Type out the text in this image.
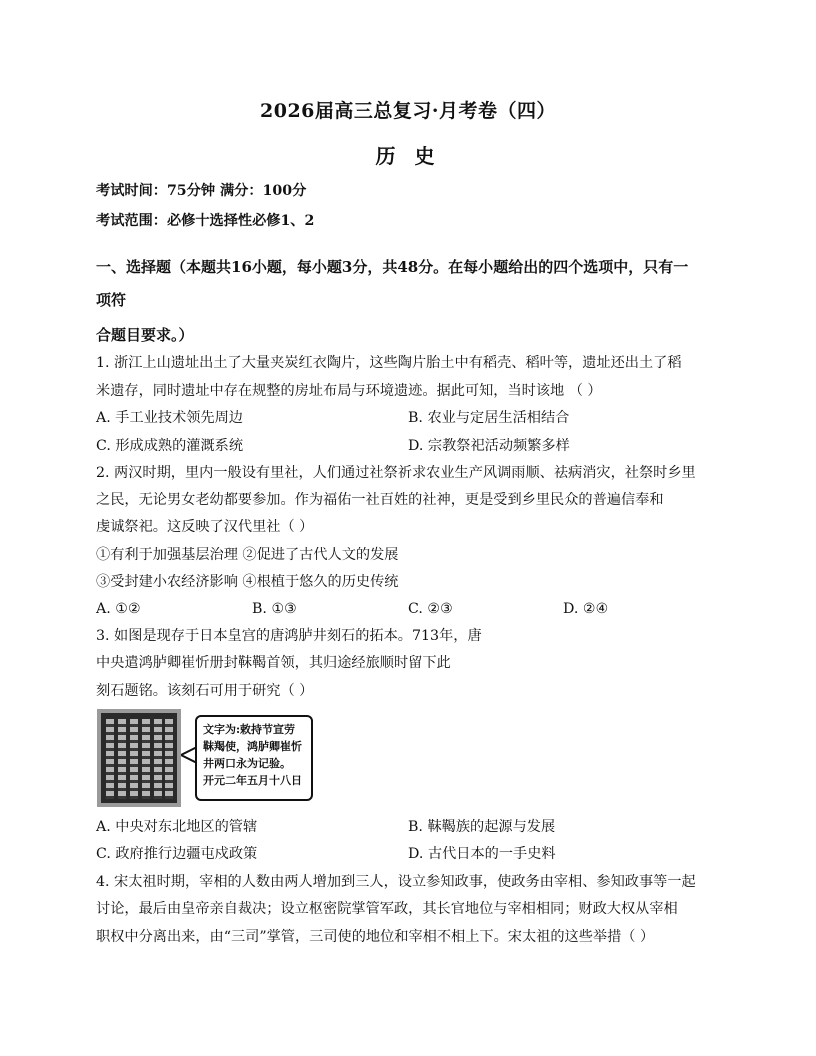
2026届高三总复习·月考卷（四）
历 史
考试时间：75分钟 满分：100分
考试范围：必修十选择性必修1、2
一、选择题（本题共16小题，每小题3分，共48分。在每小题给出的四个选项中，只有一
项符
合题目要求。）
1. 浙江上山遗址出土了大量夹炭红衣陶片，这些陶片胎土中有稻壳、稻叶等，遗址还出土了稻
米遗存，同时遗址中存在规整的房址布局与环境遗迹。据此可知，当时该地 （ ）
A. 手工业技术领先周边	B. 农业与定居生活相结合
C. 形成成熟的灌溉系统	D. 宗教祭祀活动频繁多样
2. 两汉时期，里内一般设有里社，人们通过社祭祈求农业生产风调雨顺、祛病消灾，社祭时乡里
之民，无论男女老幼都要参加。作为福佑一社百姓的社神，更是受到乡里民众的普遍信奉和
虔诚祭祀。这反映了汉代里社（ ）
①有利于加强基层治理 ②促进了古代人文的发展
③受封建小农经济影响 ④根植于悠久的历史传统
A. ①②	B. ①③	C. ②③	D. ②④
3. 如图是现存于日本皇宫的唐鸿胪井刻石的拓本。713年，唐
中央遣鸿胪卿崔忻册封靺鞨首领，其归途经旅顺时留下此
刻石题铭。该刻石可用于研究（ ）
文字为:敕持节宣劳
靺羯使，鸿胪卿崔忻
井两口永为记验。
开元二年五月十八日
A. 中央对东北地区的管辖	B. 靺鞨族的起源与发展
C. 政府推行边疆屯戍政策	D. 古代日本的一手史料
4. 宋太祖时期，宰相的人数由两人增加到三人，设立参知政事，使政务由宰相、参知政事等一起
讨论，最后由皇帝亲自裁决；设立枢密院掌管军政，其长官地位与宰相相同；财政大权从宰相
职权中分离出来，由“三司”掌管，三司使的地位和宰相不相上下。宋太祖的这些举措（ ）
